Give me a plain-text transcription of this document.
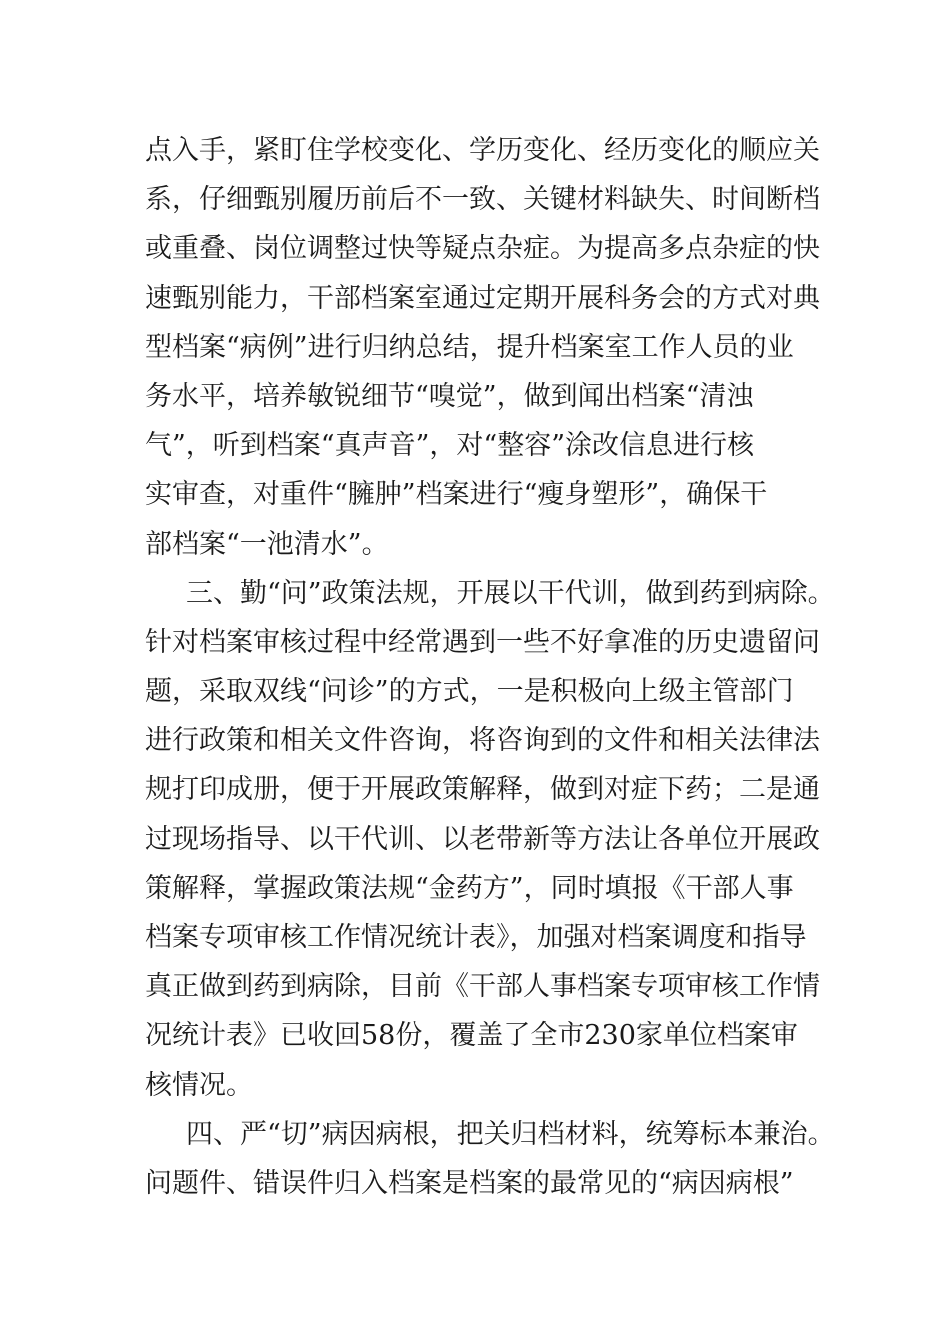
点入手，紧盯住学校变化、学历变化、经历变化的顺应关
系，仔细甄别履历前后不一致、关键材料缺失、时间断档
或重叠、岗位调整过快等疑点杂症。为提高多点杂症的快
速甄别能力，干部档案室通过定期开展科务会的方式对典
型档案“病例”进行归纳总结，提升档案室工作人员的业
务水平，培养敏锐细节“嗅觉”，做到闻出档案“清浊
气”，听到档案“真声音”，对“整容”涂改信息进行核
实审查，对重件“臃肿”档案进行“瘦身塑形”，确保干
部档案“一池清水”。
三、勤“问”政策法规，开展以干代训，做到药到病除。
针对档案审核过程中经常遇到一些不好拿准的历史遗留问
题，采取双线“问诊”的方式，一是积极向上级主管部门
进行政策和相关文件咨询，将咨询到的文件和相关法律法
规打印成册，便于开展政策解释，做到对症下药；二是通
过现场指导、以干代训、以老带新等方法让各单位开展政
策解释，掌握政策法规“金药方”，同时填报《干部人事
档案专项审核工作情况统计表》，加强对档案调度和指导
真正做到药到病除，目前《干部人事档案专项审核工作情
况统计表》已收回58份，覆盖了全市230家单位档案审
核情况。
四、严“切”病因病根，把关归档材料，统筹标本兼治。
问题件、错误件归入档案是档案的最常见的“病因病根”
